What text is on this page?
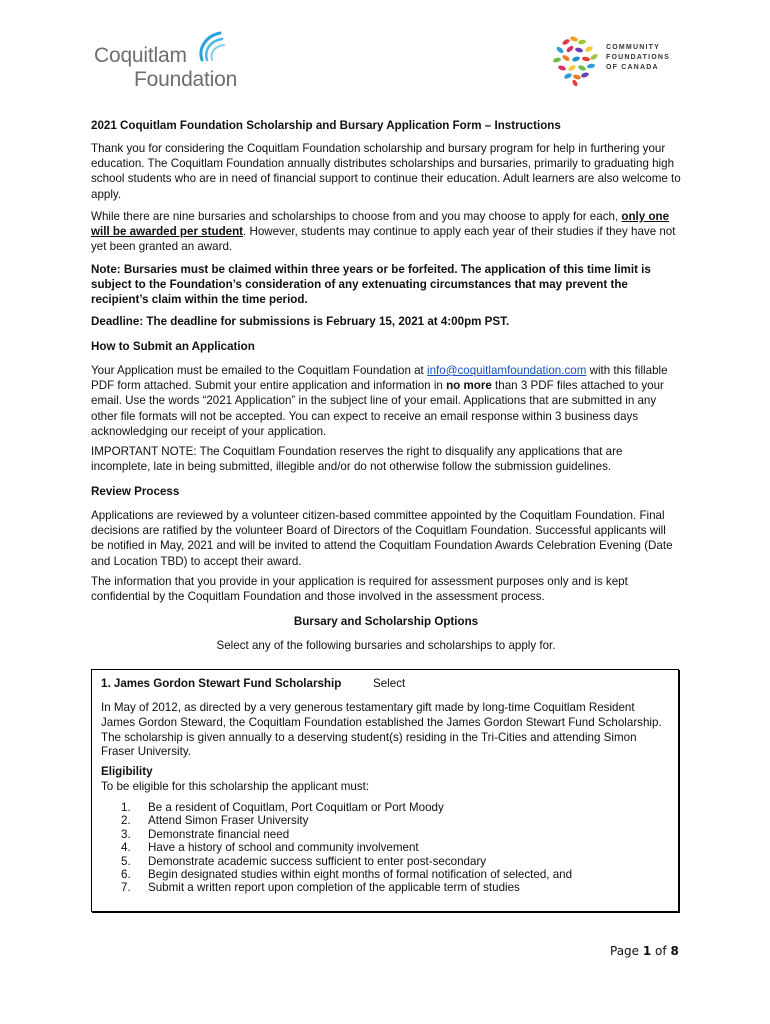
Coquitlam
Foundation
COMMUNITY
FOUNDATIONS
OF CANADA

2021 Coquitlam Foundation Scholarship and Bursary Application Form – Instructions

Thank you for considering the Coquitlam Foundation scholarship and bursary program for help in furthering your education. The Coquitlam Foundation annually distributes scholarships and bursaries, primarily to graduating high school students who are in need of financial support to continue their education. Adult learners are also welcome to apply.

While there are nine bursaries and scholarships to choose from and you may choose to apply for each, only one will be awarded per student. However, students may continue to apply each year of their studies if they have not yet been granted an award.

Note: Bursaries must be claimed within three years or be forfeited. The application of this time limit is subject to the Foundation’s consideration of any extenuating circumstances that may prevent the recipient’s claim within the time period.

Deadline: The deadline for submissions is February 15, 2021 at 4:00pm PST.

How to Submit an Application

Your Application must be emailed to the Coquitlam Foundation at info@coquitlamfoundation.com with this fillable PDF form attached. Submit your entire application and information in no more than 3 PDF files attached to your email. Use the words “2021 Application” in the subject line of your email. Applications that are submitted in any other file formats will not be accepted. You can expect to receive an email response within 3 business days acknowledging our receipt of your application.

IMPORTANT NOTE: The Coquitlam Foundation reserves the right to disqualify any applications that are incomplete, late in being submitted, illegible and/or do not otherwise follow the submission guidelines.

Review Process

Applications are reviewed by a volunteer citizen-based committee appointed by the Coquitlam Foundation. Final decisions are ratified by the volunteer Board of Directors of the Coquitlam Foundation. Successful applicants will be notified in May, 2021 and will be invited to attend the Coquitlam Foundation Awards Celebration Evening (Date and Location TBD) to accept their award.

The information that you provide in your application is required for assessment purposes only and is kept confidential by the Coquitlam Foundation and those involved in the assessment process.

Bursary and Scholarship Options

Select any of the following bursaries and scholarships to apply for.

1. James Gordon Stewart Fund Scholarship	Select
In May of 2012, as directed by a very generous testamentary gift made by long-time Coquitlam Resident James Gordon Steward, the Coquitlam Foundation established the James Gordon Stewart Fund Scholarship. The scholarship is given annually to a deserving student(s) residing in the Tri-Cities and attending Simon Fraser University.
Eligibility
To be eligible for this scholarship the applicant must:
1. Be a resident of Coquitlam, Port Coquitlam or Port Moody
2. Attend Simon Fraser University
3. Demonstrate financial need
4. Have a history of school and community involvement
5. Demonstrate academic success sufficient to enter post-secondary
6. Begin designated studies within eight months of formal notification of selected, and
7. Submit a written report upon completion of the applicable term of studies
Page 1 of 8
